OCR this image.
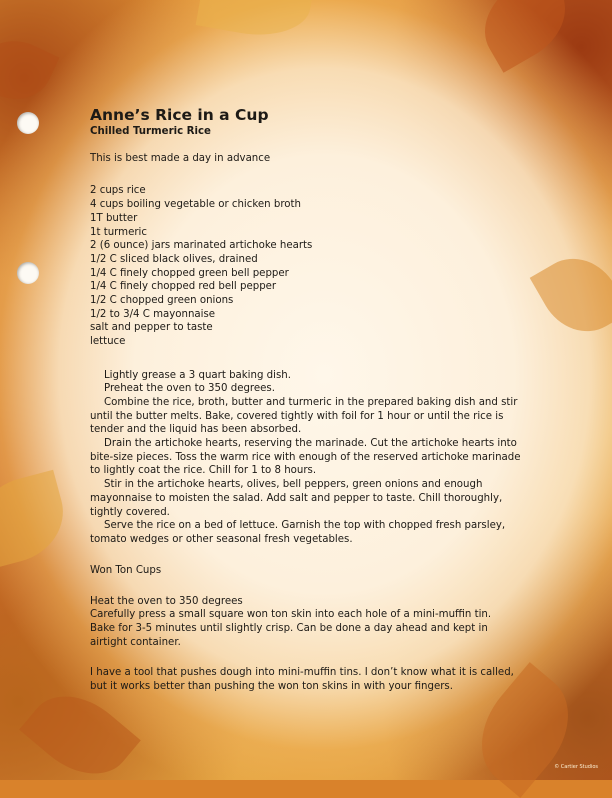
Anne’s Rice in a Cup

Chilled Turmeric Rice

This is best made a day in advance

2 cups rice

4 cups boiling vegetable or chicken broth

1T butter

1t turmeric

2 (6 ounce) jars marinated artichoke hearts

1/2 C sliced black olives, drained

1/4 C finely chopped green bell pepper

1/4 C finely chopped red bell pepper

1/2 C chopped green onions

1/2 to 3/4 C mayonnaise

salt and pepper to taste

lettuce

Lightly grease a 3 quart baking dish.

Preheat the oven to 350 degrees.

Combine the rice, broth, butter and turmeric in the prepared baking dish and stir until the butter melts. Bake, covered tightly with foil for 1 hour or until the rice is tender and the liquid has been absorbed.

Drain the artichoke hearts, reserving the marinade. Cut the artichoke hearts into bite-size pieces. Toss the warm rice with enough of the reserved artichoke marinade to lightly coat the rice. Chill for 1 to 8 hours.

Stir in the artichoke hearts, olives, bell peppers, green onions and enough mayonnaise to moisten the salad. Add salt and pepper to taste. Chill thoroughly, tightly covered.

Serve the rice on a bed of lettuce. Garnish the top with chopped fresh parsley, tomato wedges or other seasonal fresh vegetables.

Won Ton Cups

Heat the oven to 350 degrees

Carefully press a small square won ton skin into each hole of a mini-muffin tin.

Bake for 3-5 minutes until slightly crisp. Can be done a day ahead and kept in airtight container.

I have a tool that pushes dough into mini-muffin tins. I don’t know what it is called, but it works better than pushing the won ton skins in with your fingers.

© Cartier Studios
